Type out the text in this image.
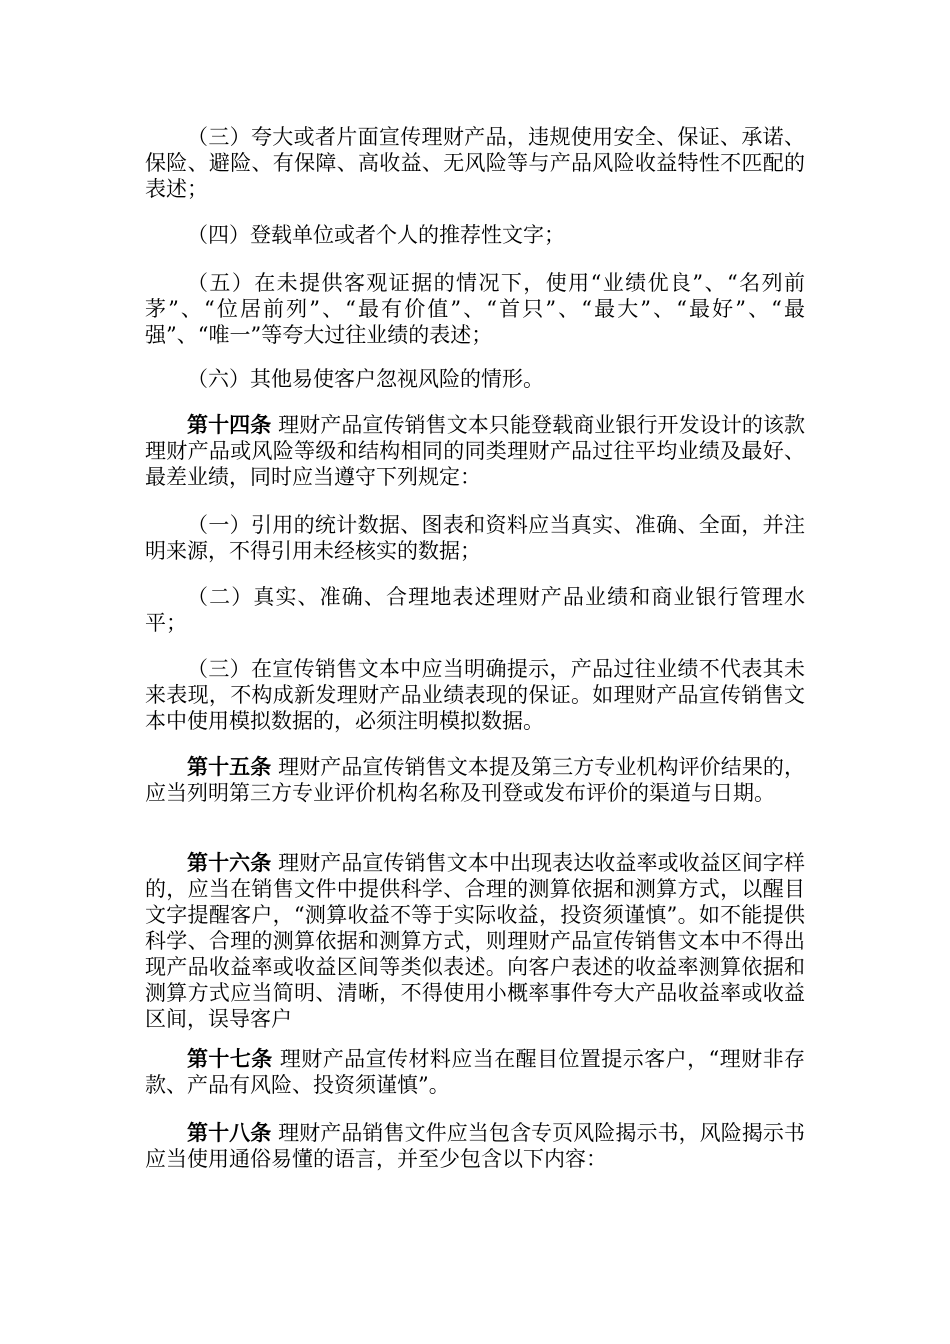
（三）夸大或者片面宣传理财产品，违规使用安全、保证、承诺、保险、避险、有保障、高收益、无风险等与产品风险收益特性不匹配的表述；

（四）登载单位或者个人的推荐性文字；

（五）在未提供客观证据的情况下，使用“业绩优良”、“名列前茅”、“位居前列”、“最有价值”、“首只”、“最大”、“最好”、“最强”、“唯一”等夸大过往业绩的表述；

（六）其他易使客户忽视风险的情形。

第十四条 理财产品宣传销售文本只能登载商业银行开发设计的该款理财产品或风险等级和结构相同的同类理财产品过往平均业绩及最好、最差业绩，同时应当遵守下列规定：

（一）引用的统计数据、图表和资料应当真实、准确、全面，并注明来源，不得引用未经核实的数据；

（二）真实、准确、合理地表述理财产品业绩和商业银行管理水平；

（三）在宣传销售文本中应当明确提示，产品过往业绩不代表其未来表现，不构成新发理财产品业绩表现的保证。如理财产品宣传销售文本中使用模拟数据的，必须注明模拟数据。

第十五条 理财产品宣传销售文本提及第三方专业机构评价结果的，应当列明第三方专业评价机构名称及刊登或发布评价的渠道与日期。

第十六条 理财产品宣传销售文本中出现表达收益率或收益区间字样的，应当在销售文件中提供科学、合理的测算依据和测算方式，以醒目文字提醒客户，“测算收益不等于实际收益，投资须谨慎”。如不能提供科学、合理的测算依据和测算方式，则理财产品宣传销售文本中不得出现产品收益率或收益区间等类似表述。向客户表述的收益率测算依据和测算方式应当简明、清晰，不得使用小概率事件夸大产品收益率或收益区间，误导客户

第十七条 理财产品宣传材料应当在醒目位置提示客户，“理财非存款、产品有风险、投资须谨慎”。

第十八条 理财产品销售文件应当包含专页风险揭示书，风险揭示书应当使用通俗易懂的语言，并至少包含以下内容：
